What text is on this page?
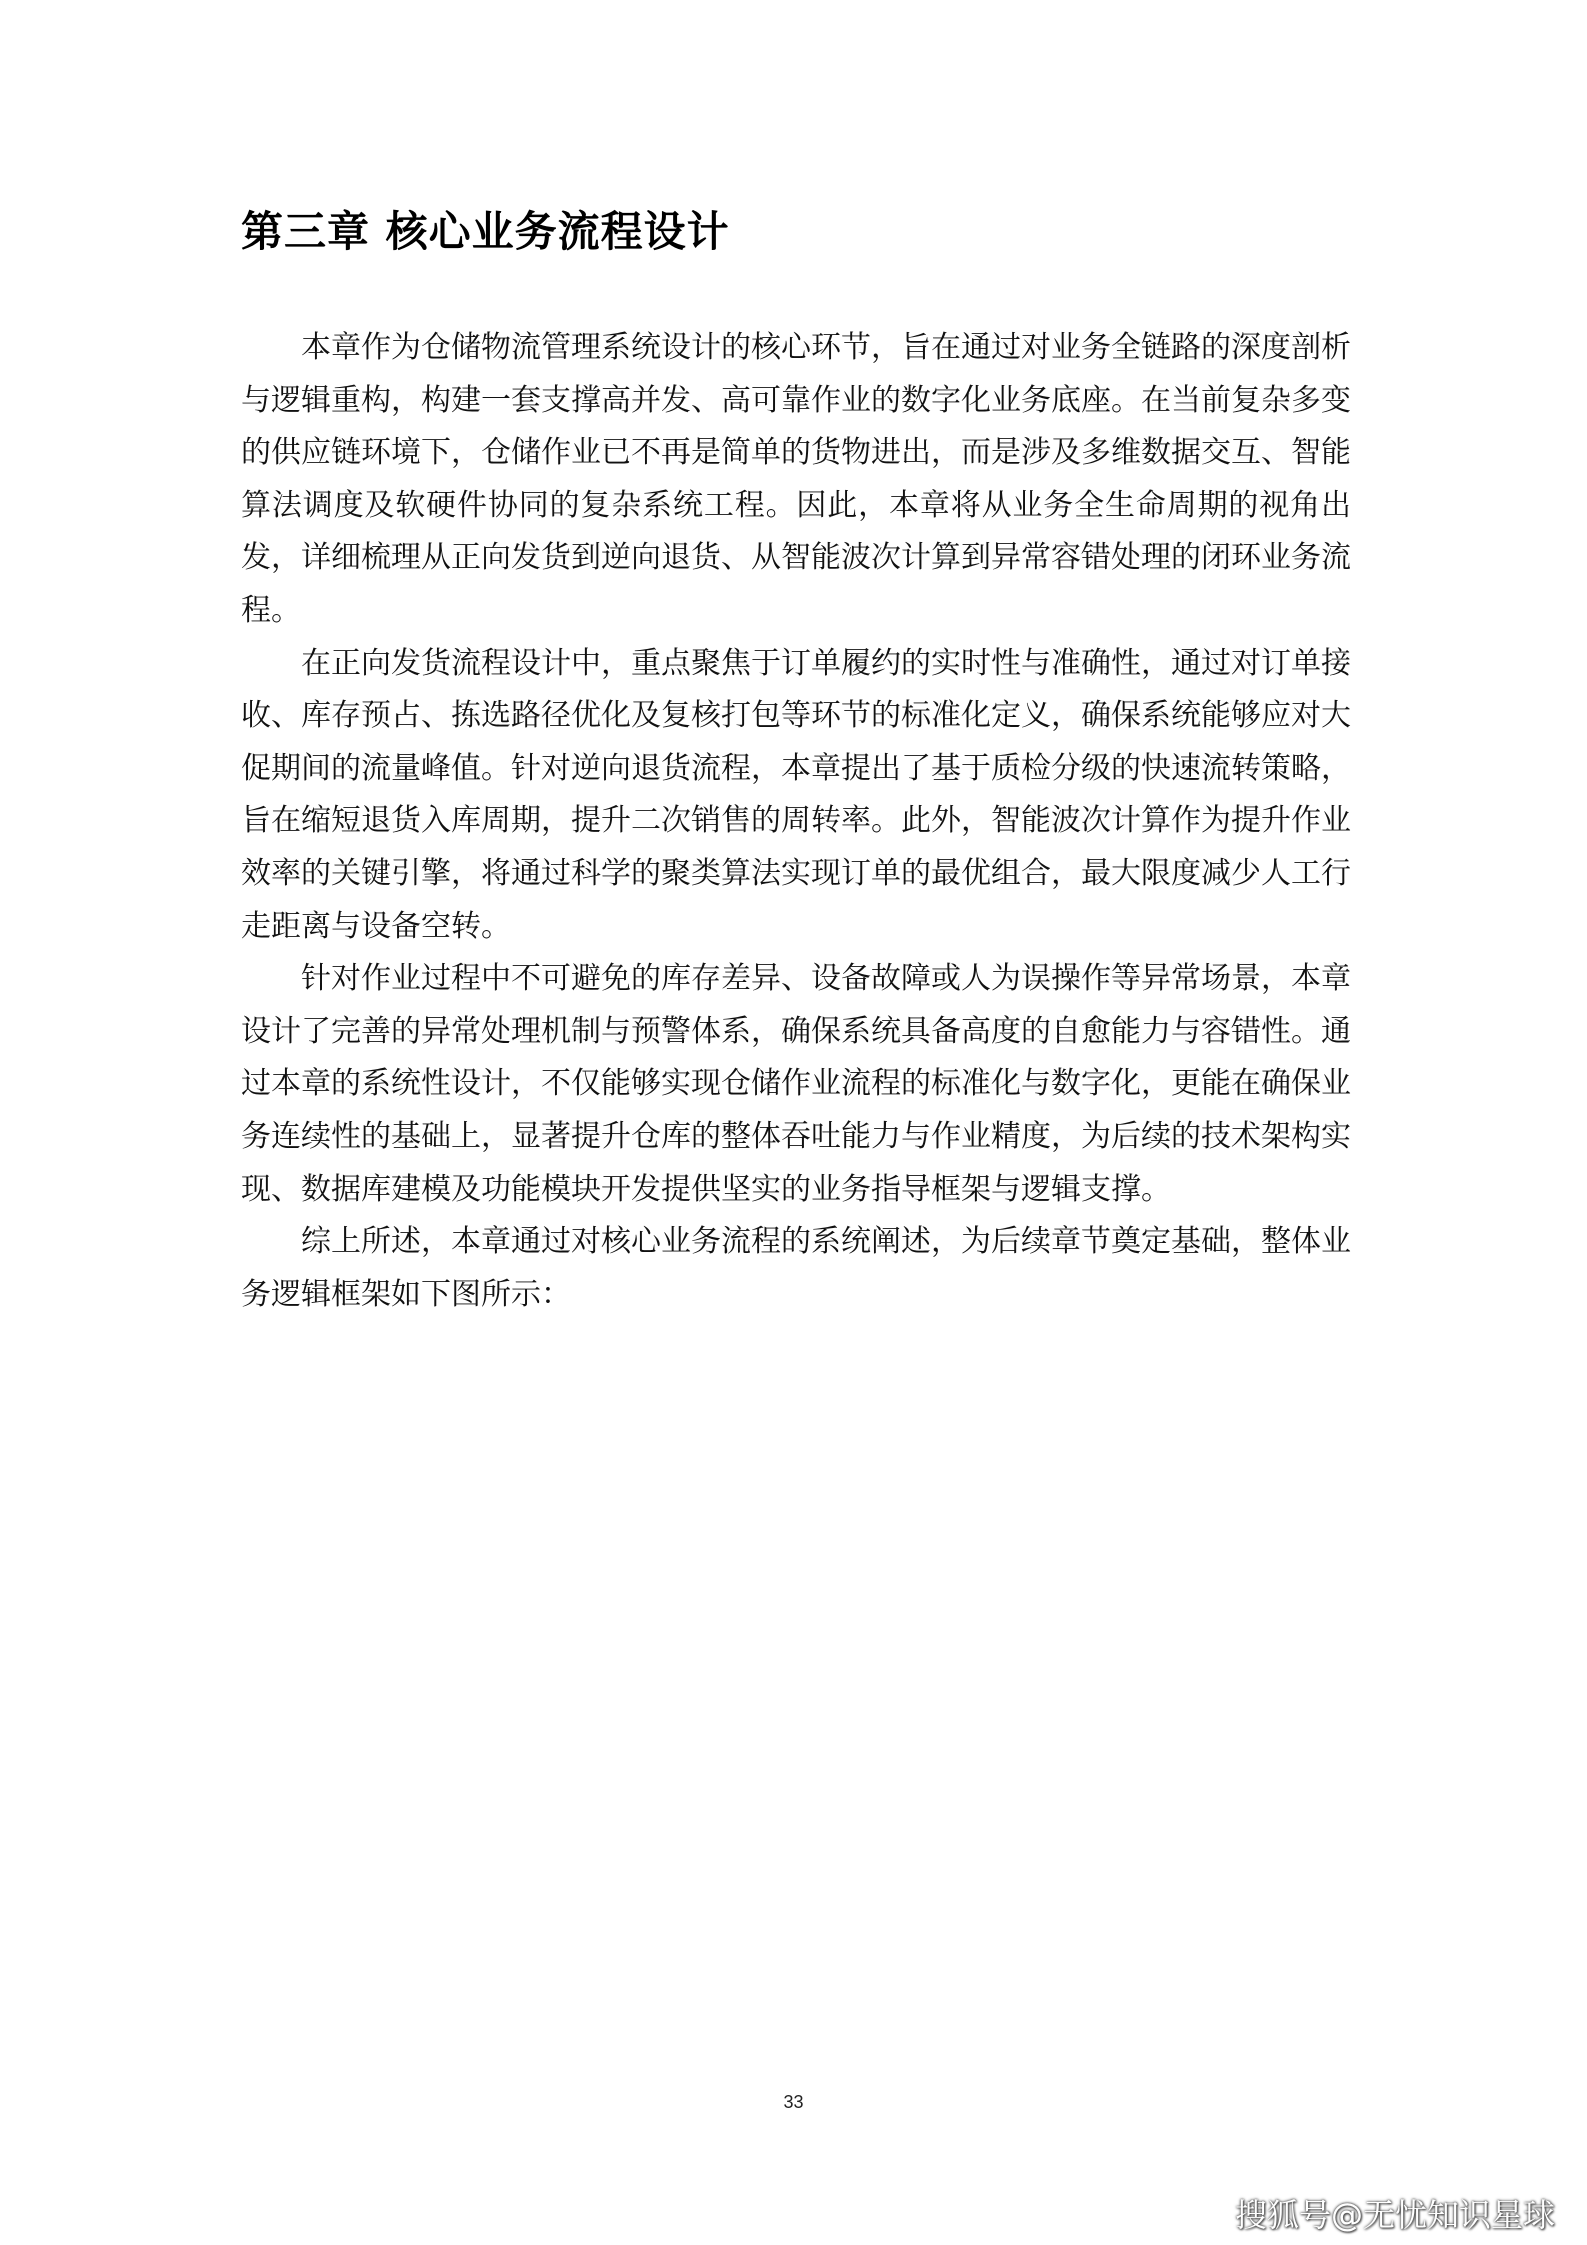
第三章 核心业务流程设计

本章作为仓储物流管理系统设计的核心环节，旨在通过对业务全链路的深度剖析与逻辑重构，构建一套支撑高并发、高可靠作业的数字化业务底座。在当前复杂多变的供应链环境下，仓储作业已不再是简单的货物进出，而是涉及多维数据交互、智能算法调度及软硬件协同的复杂系统工程。因此，本章将从业务全生命周期的视角出发，详细梳理从正向发货到逆向退货、从智能波次计算到异常容错处理的闭环业务流程。

在正向发货流程设计中，重点聚焦于订单履约的实时性与准确性，通过对订单接收、库存预占、拣选路径优化及复核打包等环节的标准化定义，确保系统能够应对大促期间的流量峰值。针对逆向退货流程，本章提出了基于质检分级的快速流转策略，旨在缩短退货入库周期，提升二次销售的周转率。此外，智能波次计算作为提升作业效率的关键引擎，将通过科学的聚类算法实现订单的最优组合，最大限度减少人工行走距离与设备空转。

针对作业过程中不可避免的库存差异、设备故障或人为误操作等异常场景，本章设计了完善的异常处理机制与预警体系，确保系统具备高度的自愈能力与容错性。通过本章的系统性设计，不仅能够实现仓储作业流程的标准化与数字化，更能在确保业务连续性的基础上，显著提升仓库的整体吞吐能力与作业精度，为后续的技术架构实现、数据库建模及功能模块开发提供坚实的业务指导框架与逻辑支撑。

综上所述，本章通过对核心业务流程的系统阐述，为后续章节奠定基础，整体业务逻辑框架如下图所示：

33
搜狐号@无忧知识星球
